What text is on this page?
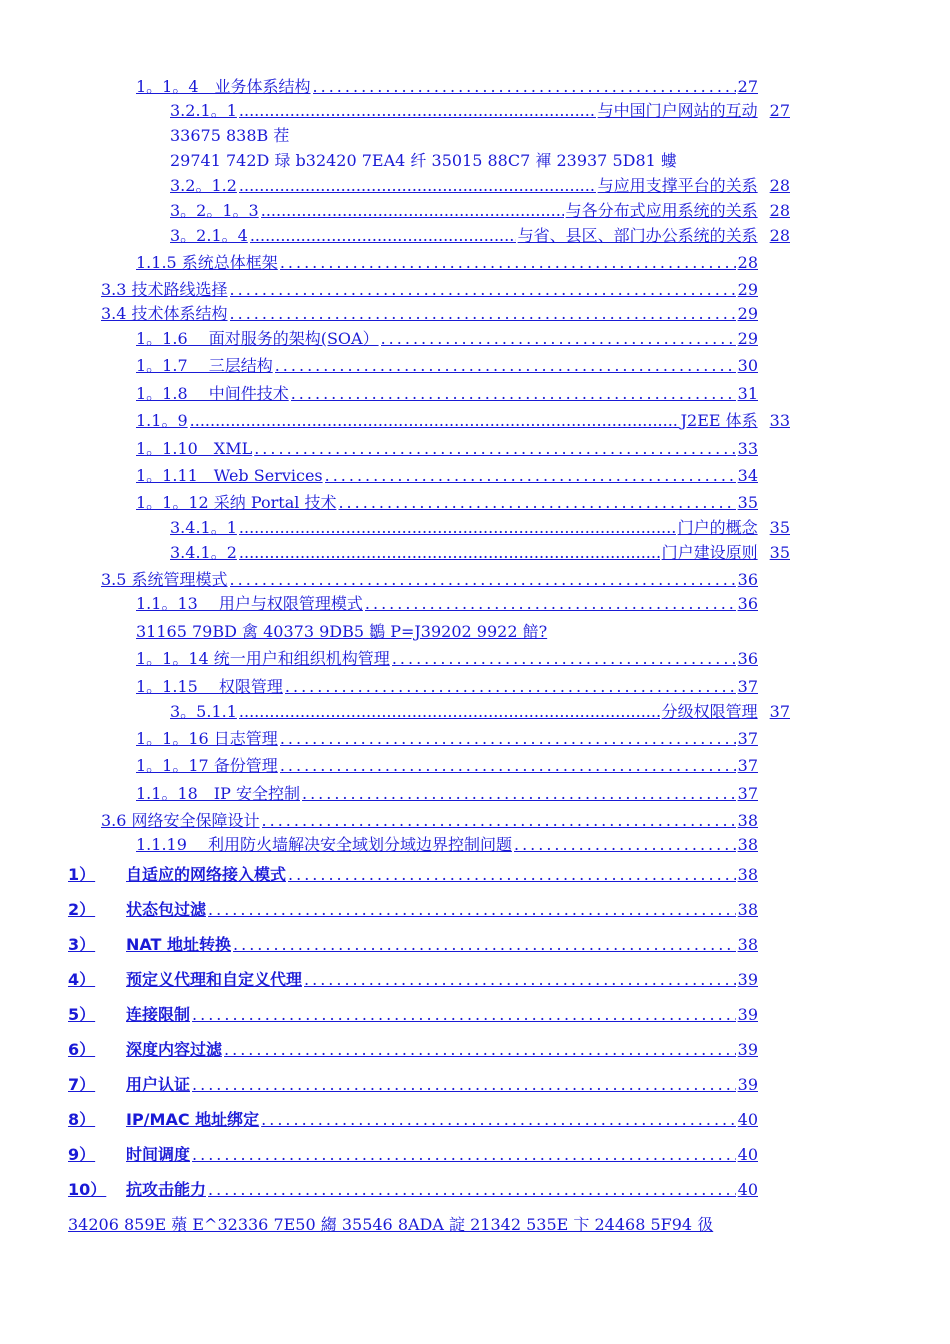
1。1。4　业务体系结构 .....	27
3.2.1。1 .....	与中国门户网站的互动 27
33675 838B 茬
29741 742D 琭 b32420 7EA4 纤 35015 88C7 褌 23937 5D81 螻
3.2。1.2 .....	与应用支撑平台的关系 28
3。2。1。3 .....	与各分布式应用系统的关系 28
3。2.1。4 .....	与省、县区、部门办公系统的关系 28
1.1.5 系统总体框架 .....	28
3.3 技术路线选择 .....	29
3.4 技术体系结构 .....	29
1。1.6　 面对服务的架构(SOA） .....	29
1。1.7　 三层结构 .....	30
1。1.8　 中间件技术 .....	31
1.1。9 .....	J2EE 体系 33
1。1.10　XML .....	33
1。1.11　Web Services .....	34
1。1。12 采纳 Portal 技术 .....	35
3.4.1。1 .....	门户的概念 35
3.4.1。2 .....	门户建设原则 35
3.5 系统管理模式 .....	36
1.1。13　 用户与权限管理模式 .....	36
31165 79BD 禽 40373 9DB5 鶵 P=J39202 9922 餢?
1。1。14 统一用户和组织机构管理 .....	36
1。1.15　 权限管理 .....	37
3。5.1.1 .....	分级权限管理 37
1。1。16 日志管理 .....	37
1。1。17 备份管理 .....	37
1.1。18　IP 安全控制 .....	37
3.6 网络安全保障设计 .....	38
1.1.19　 利用防火墙解决安全域划分域边界控制问题 .....	38
1）	自适应的网络接入模式 .....	38
2）	状态包过滤 .....	38
3）	NAT 地址转换 .....	38
4）	预定义代理和自定义代理 .....	39
5）	连接限制 .....	39
6）	深度内容过滤 .....	39
7）	用户认证 .....	39
8）	IP/MAC 地址绑定 .....	40
9）	时间调度 .....	40
10）	抗攻击能力 .....	40
34206 859E 薞 E^32336 7E50 縐 35546 8ADA 諚 21342 535E 卞 24468 5F94 彶
